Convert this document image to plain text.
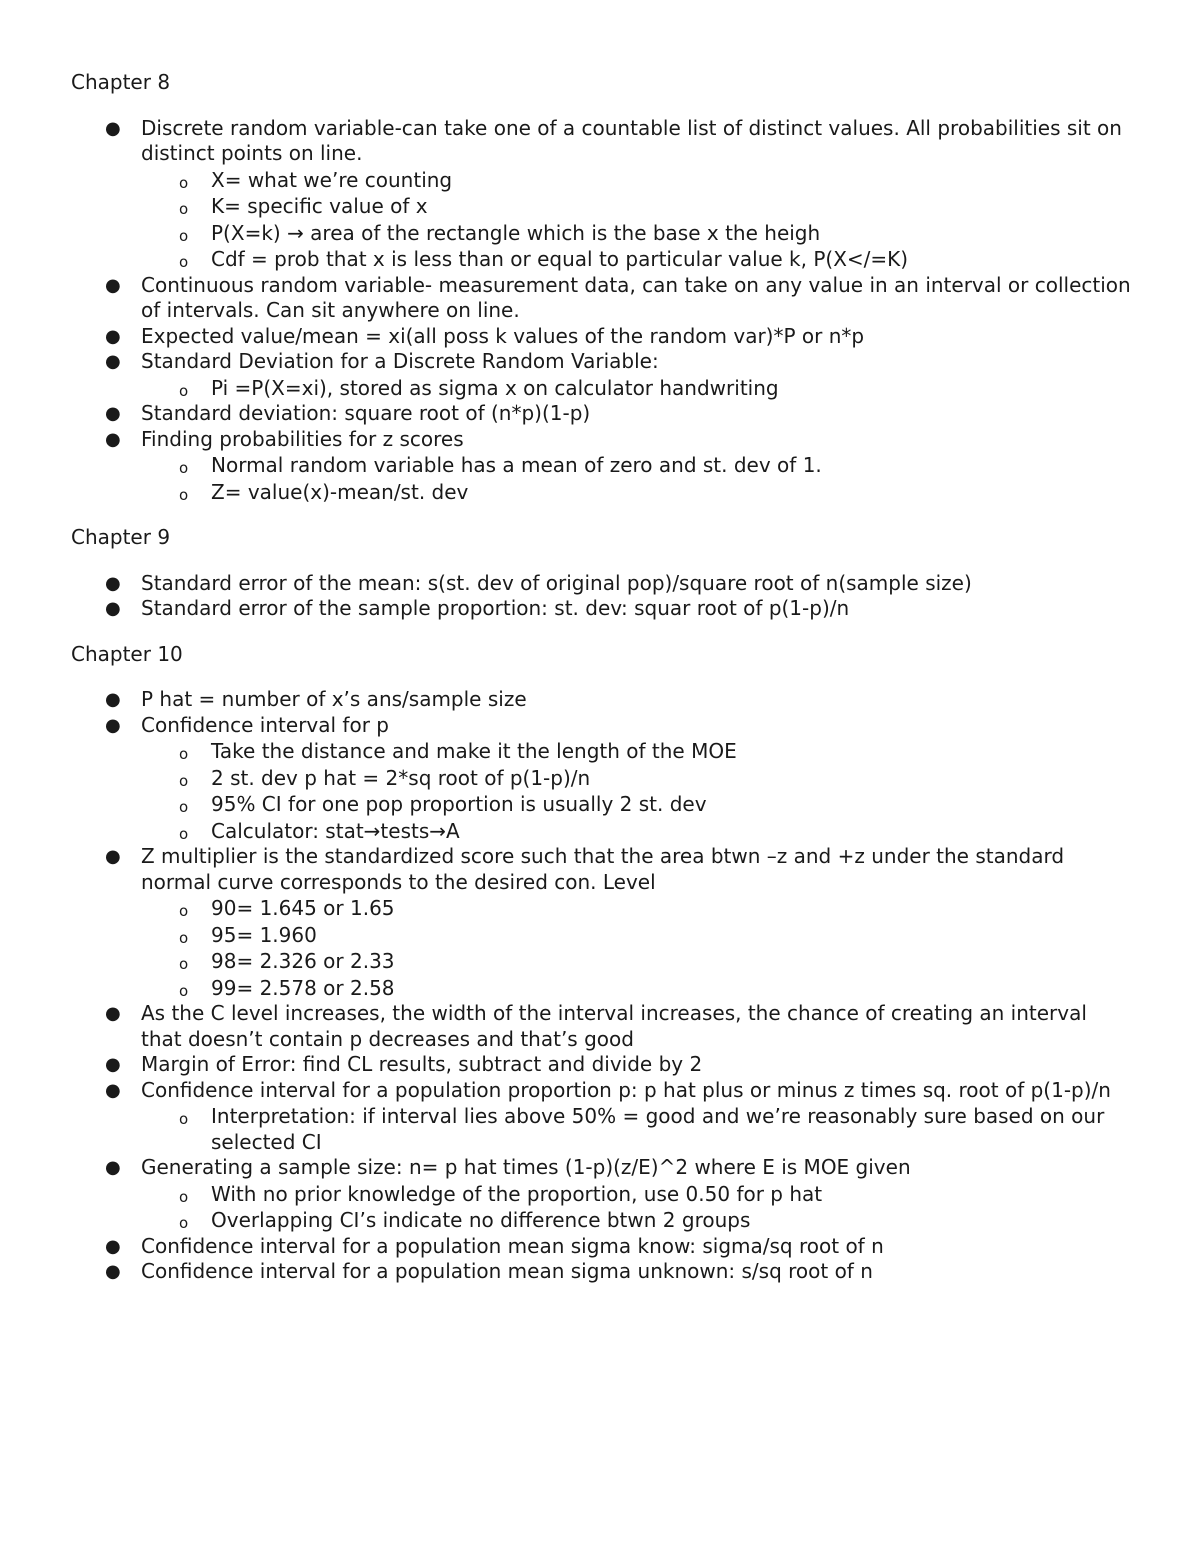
Chapter 8
● Discrete random variable-can take one of a countable list of distinct values. All probabilities sit on distinct points on line.
o X= what we’re counting
o K= specific value of x
o P(X=k) → area of the rectangle which is the base x the heigh
o Cdf = prob that x is less than or equal to particular value k, P(X</=K)
● Continuous random variable- measurement data, can take on any value in an interval or collection of intervals. Can sit anywhere on line.
● Expected value/mean = xi(all poss k values of the random var)*P or n*p
● Standard Deviation for a Discrete Random Variable:
o Pi =P(X=xi), stored as sigma x on calculator handwriting
● Standard deviation: square root of (n*p)(1-p)
● Finding probabilities for z scores
o Normal random variable has a mean of zero and st. dev of 1.
o Z= value(x)-mean/st. dev
Chapter 9
● Standard error of the mean: s(st. dev of original pop)/square root of n(sample size)
● Standard error of the sample proportion: st. dev: squar root of p(1-p)/n
Chapter 10
● P hat = number of x’s ans/sample size
● Confidence interval for p
o Take the distance and make it the length of the MOE
o 2 st. dev p hat = 2*sq root of p(1-p)/n
o 95% CI for one pop proportion is usually 2 st. dev
o Calculator: stat→tests→A
● Z multiplier is the standardized score such that the area btwn –z and +z under the standard normal curve corresponds to the desired con. Level
o 90= 1.645 or 1.65
o 95= 1.960
o 98= 2.326 or 2.33
o 99= 2.578 or 2.58
● As the C level increases, the width of the interval increases, the chance of creating an interval that doesn’t contain p decreases and that’s good
● Margin of Error: find CL results, subtract and divide by 2
● Confidence interval for a population proportion p: p hat plus or minus z times sq. root of p(1-p)/n
o Interpretation: if interval lies above 50% = good and we’re reasonably sure based on our selected CI
● Generating a sample size: n= p hat times (1-p)(z/E)^2 where E is MOE given
o With no prior knowledge of the proportion, use 0.50 for p hat
o Overlapping CI’s indicate no difference btwn 2 groups
● Confidence interval for a population mean sigma know: sigma/sq root of n
● Confidence interval for a population mean sigma unknown: s/sq root of n
